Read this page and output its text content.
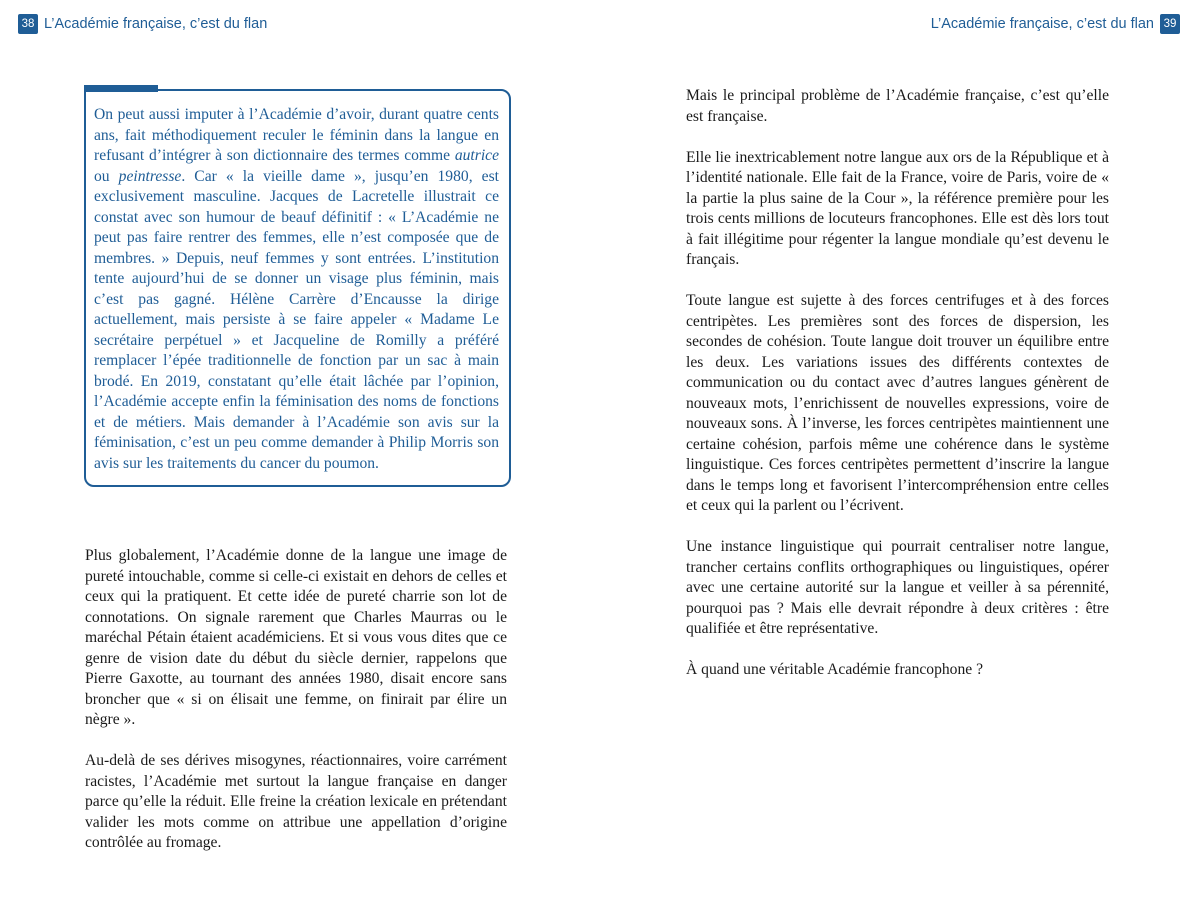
38 L’Académie française, c’est du flan

On peut aussi imputer à l’Académie d’avoir, durant quatre cents ans, fait méthodiquement reculer le féminin dans la langue en refusant d’intégrer à son dictionnaire des termes comme autrice ou peintresse. Car « la vieille dame », jusqu’en 1980, est exclusivement masculine. Jacques de Lacretelle illustrait ce constat avec son humour de beauf définitif : « L’Académie ne peut pas faire rentrer des femmes, elle n’est composée que de membres. » Depuis, neuf femmes y sont entrées. L’institution tente aujourd’hui de se donner un visage plus féminin, mais c’est pas gagné. Hélène Carrère d’Encausse la dirige actuellement, mais persiste à se faire appeler « Madame Le secrétaire perpétuel » et Jacqueline de Romilly a préféré remplacer l’épée traditionnelle de fonction par un sac à main brodé. En 2019, constatant qu’elle était lâchée par l’opinion, l’Académie accepte enfin la féminisation des noms de fonctions et de métiers. Mais demander à l’Académie son avis sur la féminisation, c’est un peu comme demander à Philip Morris son avis sur les traitements du cancer du poumon.

Plus globalement, l’Académie donne de la langue une image de pureté intouchable, comme si celle-ci existait en dehors de celles et ceux qui la pratiquent. Et cette idée de pureté charrie son lot de connotations. On signale rarement que Charles Maurras ou le maréchal Pétain étaient académiciens. Et si vous vous dites que ce genre de vision date du début du siècle dernier, rappelons que Pierre Gaxotte, au tournant des années 1980, disait encore sans broncher que « si on élisait une femme, on finirait par élire un nègre ».

Au-delà de ses dérives misogynes, réactionnaires, voire carrément racistes, l’Académie met surtout la langue française en danger parce qu’elle la réduit. Elle freine la création lexicale en prétendant valider les mots comme on attribue une appellation d’origine contrôlée au fromage.

L’Académie française, c’est du flan 39

Mais le principal problème de l’Académie française, c’est qu’elle est française.

Elle lie inextricablement notre langue aux ors de la République et à l’identité nationale. Elle fait de la France, voire de Paris, voire de « la partie la plus saine de la Cour », la référence première pour les trois cents millions de locuteurs francophones. Elle est dès lors tout à fait illégitime pour régenter la langue mondiale qu’est devenu le français.

Toute langue est sujette à des forces centrifuges et à des forces centripètes. Les premières sont des forces de dispersion, les secondes de cohésion. Toute langue doit trouver un équilibre entre les deux. Les variations issues des différents contextes de communication ou du contact avec d’autres langues génèrent de nouveaux mots, l’enrichissent de nouvelles expressions, voire de nouveaux sons. À l’inverse, les forces centripètes maintiennent une certaine cohésion, parfois même une cohérence dans le système linguistique. Ces forces centripètes permettent d’inscrire la langue dans le temps long et favorisent l’intercompréhension entre celles et ceux qui la parlent ou l’écrivent.

Une instance linguistique qui pourrait centraliser notre langue, trancher certains conflits orthographiques ou linguistiques, opérer avec une certaine autorité sur la langue et veiller à sa pérennité, pourquoi pas ? Mais elle devrait répondre à deux critères : être qualifiée et être représentative.

À quand une véritable Académie francophone ?
